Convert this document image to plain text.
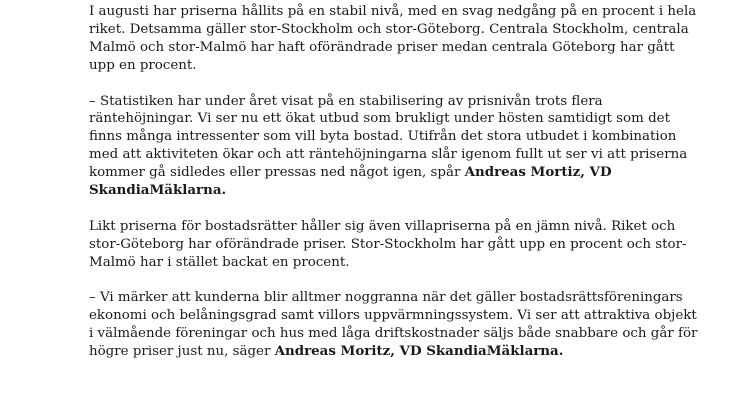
I augusti har priserna hållits på en stabil nivå, med en svag nedgång på en procent i hela
riket. Detsamma gäller stor-Stockholm och stor-Göteborg. Centrala Stockholm, centrala
Malmö och stor-Malmö har haft oförändrade priser medan centrala Göteborg har gått
upp en procent.

– Statistiken har under året visat på en stabilisering av prisnivån trots flera
räntehöjningar. Vi ser nu ett ökat utbud som brukligt under hösten samtidigt som det
finns många intressenter som vill byta bostad. Utifrån det stora utbudet i kombination
med att aktiviteten ökar och att räntehöjningarna slår igenom fullt ut ser vi att priserna
kommer gå sidledes eller pressas ned något igen, spår Andreas Mortiz, VD
SkandiaMäklarna.

Likt priserna för bostadsrätter håller sig även villapriserna på en jämn nivå. Riket och
stor-Göteborg har oförändrade priser. Stor-Stockholm har gått upp en procent och stor-
Malmö har i stället backat en procent.

– Vi märker att kunderna blir alltmer noggranna när det gäller bostadsrättsföreningars
ekonomi och belåningsgrad samt villors uppvärmningssystem. Vi ser att attraktiva objekt
i välmående föreningar och hus med låga driftskostnader säljs både snabbare och går för
högre priser just nu, säger Andreas Moritz, VD SkandiaMäklarna.
